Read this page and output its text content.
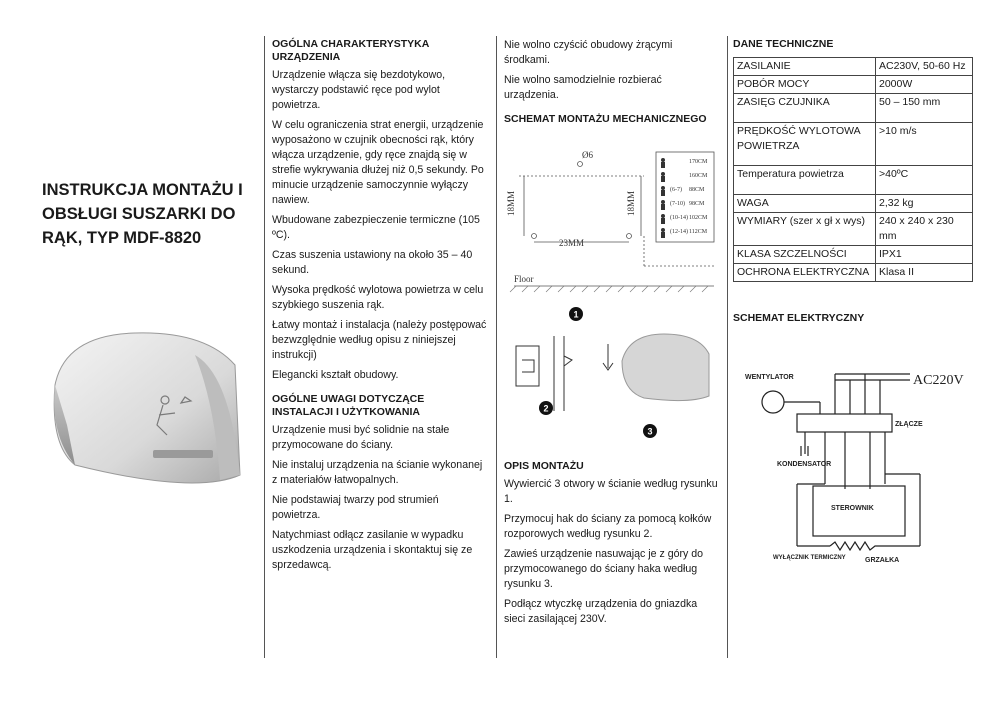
INSTRUKCJA MONTAŻU I OBSŁUGI SUSZARKI DO RĄK, TYP MDF-8820
OGÓLNA CHARAKTERYSTYKA URZĄDZENIA

Urządzenie włącza się bezdotykowo, wystarczy podstawić ręce pod wylot powietrza.

W celu ograniczenia strat energii, urządzenie wyposażono w czujnik obecności rąk, który włącza urządzenie, gdy ręce znajdą się w strefie wykrywania dłużej niż 0,5 sekundy. Po minucie urządzenie samoczynnie wyłączy nawiew.

Wbudowane zabezpieczenie termiczne (105 ºC).

Czas suszenia ustawiony na około 35 – 40 sekund.

Wysoka prędkość wylotowa powietrza w celu szybkiego suszenia rąk.

Łatwy montaż i instalacja (należy postępować bezwzględnie według opisu z niniejszej instrukcji)

Elegancki kształt obudowy.

OGÓLNE UWAGI DOTYCZĄCE INSTALACJI I UŻYTKOWANIA

Urządzenie musi być solidnie na stałe przymocowane do ściany.

Nie instaluj urządzenia na ścianie wykonanej z materiałów łatwopalnych.

Nie podstawiaj twarzy pod strumień powietrza.

Natychmiast odłącz zasilanie w wypadku uszkodzenia urządzenia i skontaktuj się ze sprzedawcą.

Nie wolno czyścić obudowy żrącymi środkami.

Nie wolno samodzielnie rozbierać urządzenia.

SCHEMAT MONTAŻU MECHANICZNEGO
Ø6
18MM	18MM
23MM
Floor
170CM
160CM
88CM
98CM
102CM
112CM
(6-7)
(7-10)
(10-14)
(12-14)
1
2
3
OPIS MONTAŻU

Wywiercić 3 otwory w ścianie według rysunku 1.

Przymocuj hak do ściany za pomocą kołków rozporowych według rysunku 2.

Zawieś urządzenie nasuwając je z góry do przymocowanego do ściany haka według rysunku 3.

Podłącz wtyczkę urządzenia do gniazdka sieci zasilającej 230V.

DANE TECHNICZNE
ZASILANIE	AC230V, 50-60 Hz
POBÓR MOCY	2000W
ZASIĘG CZUJNIKA	50 – 150 mm
PRĘDKOŚĆ WYLOTOWA POWIETRZA	>10 m/s
Temperatura powietrza	>40ºC
WAGA	2,32 kg
WYMIARY (szer x gł x wys)	240 x 240 x 230 mm
KLASA SZCZELNOŚCI	IPX1
OCHRONA ELEKTRYCZNA	Klasa II
SCHEMAT ELEKTRYCZNY
WENTYLATOR
ZŁĄCZE
KONDENSATOR
STEROWNIK
WYŁĄCZNIK TERMICZNY	GRZAŁKA
AC220V
